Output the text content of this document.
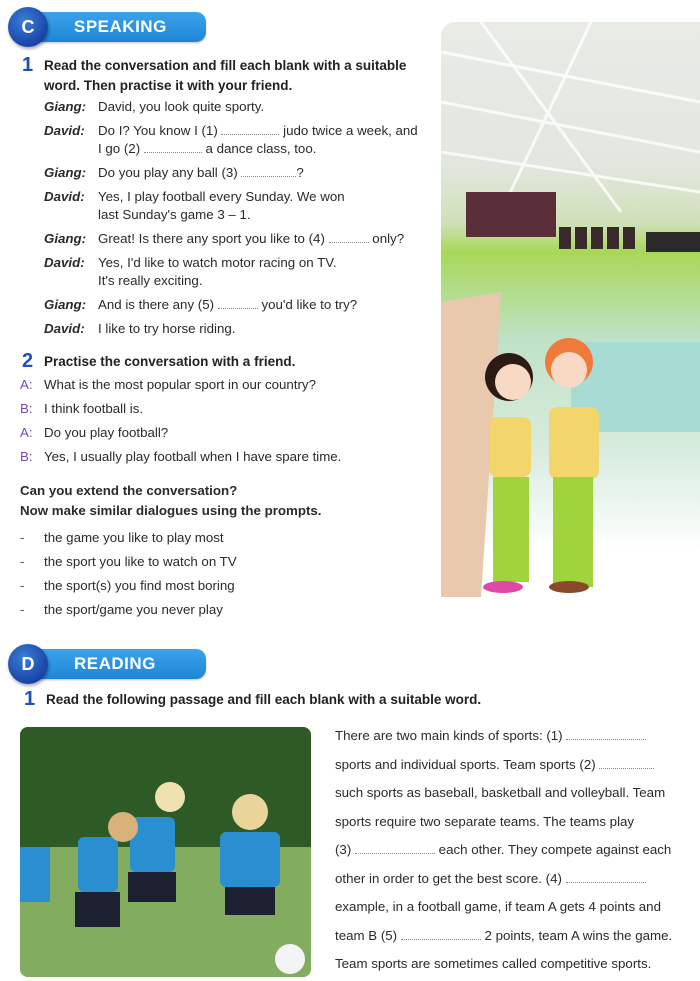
SPEAKING
C
1 Read the conversation and fill each blank with a suitable word. Then practise it with your friend.
Giang: David, you look quite sporty.
David: Do I? You know I (1)	judo twice a week, and
I go (2)	a dance class, too.
Giang: Do you play any ball (3)	?
David: Yes, I play football every Sunday. We won
last Sunday's game 3 – 1.
Giang: Great! Is there any sport you like to (4)	only?
David: Yes, I'd like to watch motor racing on TV.
It's really exciting.
Giang: And is there any (5)	you'd like to try?
David: I like to try horse riding.
2 Practise the conversation with a friend.
A: What is the most popular sport in our country?
B: I think football is.
A: Do you play football?
B: Yes, I usually play football when I have spare time.
Can you extend the conversation?
Now make similar dialogues using the prompts.
- the game you like to play most
- the sport you like to watch on TV
- the sport(s) you find most boring
- the sport/game you never play
READING
D
1 Read the following passage and fill each blank with a suitable word.
There are two main kinds of sports: (1)
sports and individual sports. Team sports (2)
such sports as baseball, basketball and volleyball. Team
sports require two separate teams. The teams play
(3)	each other. They compete against each
other in order to get the best score. (4)
example, in a football game, if team A gets 4 points and
team B (5)	2 points, team A wins the game.
Team sports are sometimes called competitive sports.
